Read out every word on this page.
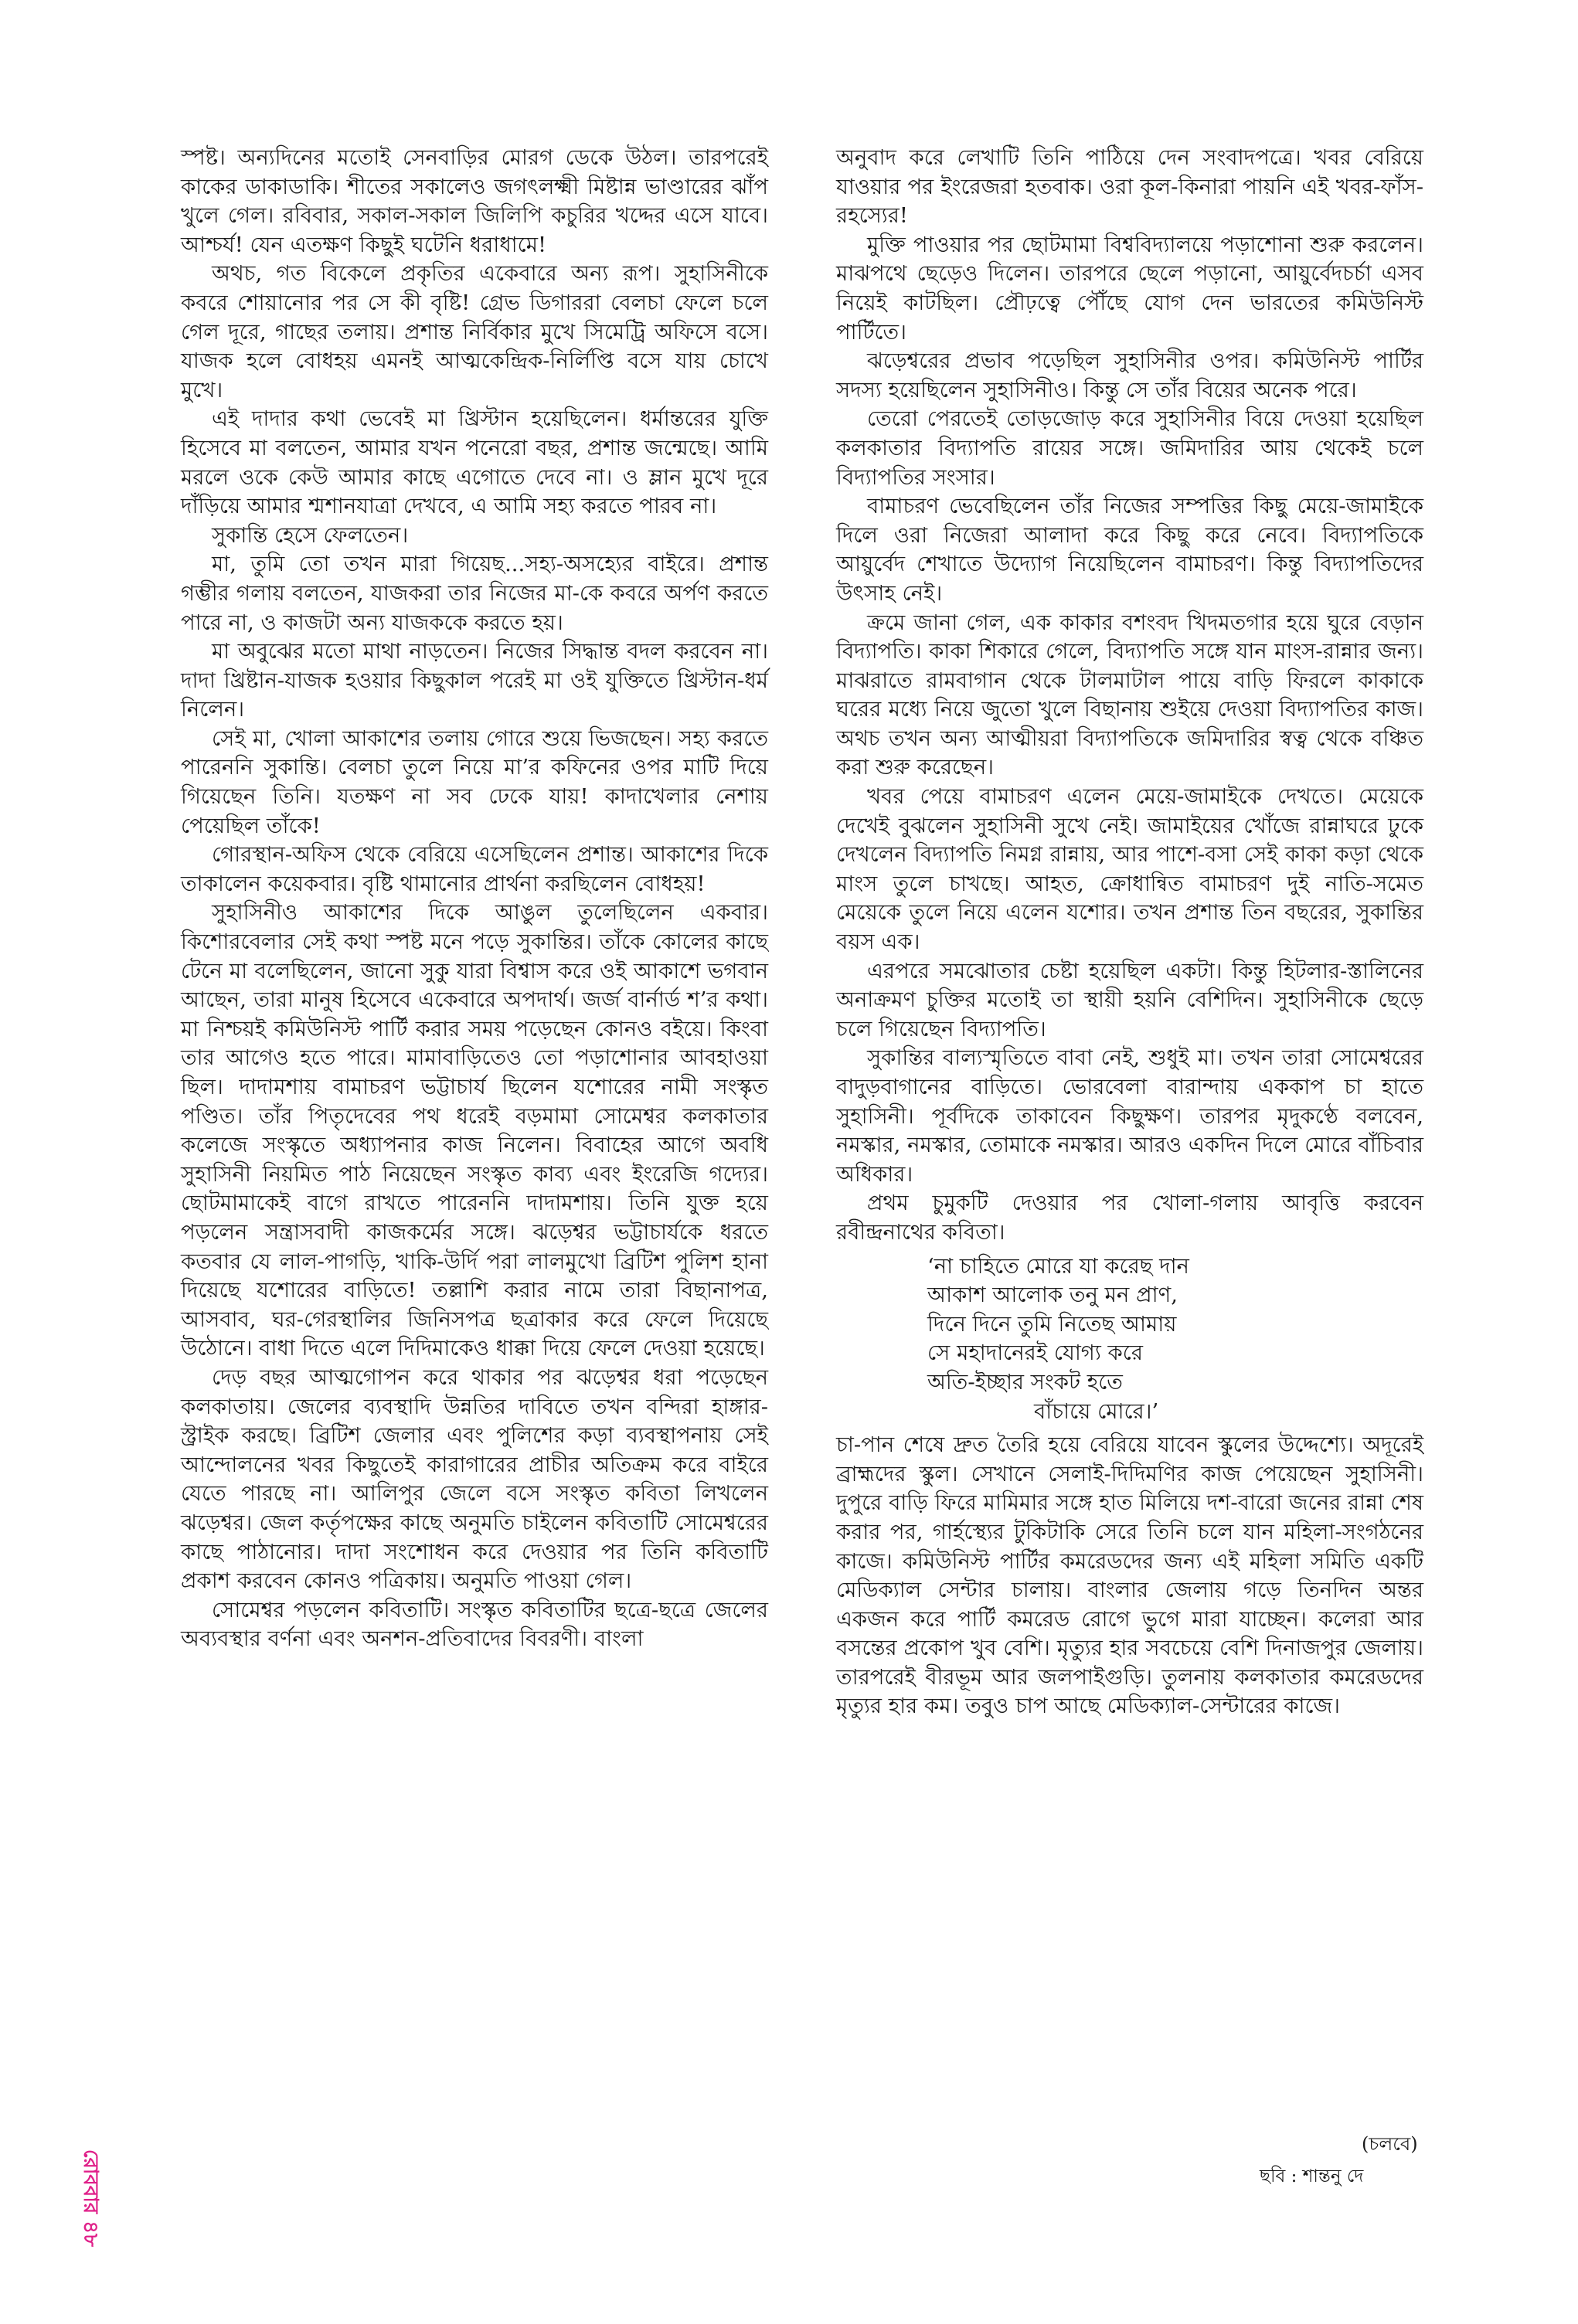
স্পষ্ট। অন্যদিনের মতোই সেনবাড়ির মোরগ ডেকে উঠল। তারপরেই কাকের ডাকাডাকি। শীতের সকালেও জগৎলক্ষ্মী মিষ্টান্ন ভাণ্ডারের ঝাঁপ খুলে গেল। রবিবার, সকাল-সকাল জিলিপি কচুরির খদ্দের এসে যাবে। আশ্চর্য! যেন এতক্ষণ কিছুই ঘটেনি ধরাধামে!

অথচ, গত বিকেলে প্রকৃতির একেবারে অন্য রূপ। সুহাসিনীকে কবরে শোয়ানোর পর সে কী বৃষ্টি! গ্রেভ ডিগাররা বেলচা ফেলে চলে গেল দূরে, গাছের তলায়। প্রশান্ত নির্বিকার মুখে সিমেট্রি অফিসে বসে। যাজক হলে বোধহয় এমনই আত্মকেন্দ্রিক-নির্লিপ্তি বসে যায় চোখে মুখে।

এই দাদার কথা ভেবেই মা খ্রিস্টান হয়েছিলেন। ধর্মান্তরের যুক্তি হিসেবে মা বলতেন, আমার যখন পনেরো বছর, প্রশান্ত জন্মেছে। আমি মরলে ওকে কেউ আমার কাছে এগোতে দেবে না। ও ম্লান মুখে দূরে দাঁড়িয়ে আমার শ্মশানযাত্রা দেখবে, এ আমি সহ্য করতে পারব না।

সুকান্তি হেসে ফেলতেন।

মা, তুমি তো তখন মারা গিয়েছ...সহ্য-অসহ্যের বাইরে। প্রশান্ত গম্ভীর গলায় বলতেন, যাজকরা তার নিজের মা-কে কবরে অর্পণ করতে পারে না, ও কাজটা অন্য যাজককে করতে হয়।

মা অবুঝের মতো মাথা নাড়তেন। নিজের সিদ্ধান্ত বদল করবেন না। দাদা খ্রিষ্টান-যাজক হওয়ার কিছুকাল পরেই মা ওই যুক্তিতে খ্রিস্টান-ধর্ম নিলেন।

সেই মা, খোলা আকাশের তলায় গোরে শুয়ে ভিজছেন। সহ্য করতে পারেননি সুকান্তি। বেলচা তুলে নিয়ে মা’র কফিনের ওপর মাটি দিয়ে গিয়েছেন তিনি। যতক্ষণ না সব ঢেকে যায়! কাদাখেলার নেশায় পেয়েছিল তাঁকে!

গোরস্থান-অফিস থেকে বেরিয়ে এসেছিলেন প্রশান্ত। আকাশের দিকে তাকালেন কয়েকবার। বৃষ্টি থামানোর প্রার্থনা করছিলেন বোধহয়!

সুহাসিনীও আকাশের দিকে আঙুল তুলেছিলেন একবার। কিশোরবেলার সেই কথা স্পষ্ট মনে পড়ে সুকান্তির। তাঁকে কোলের কাছে টেনে মা বলেছিলেন, জানো সুকু যারা বিশ্বাস করে ওই আকাশে ভগবান আছেন, তারা মানুষ হিসেবে একেবারে অপদার্থ। জর্জ বার্নার্ড শ’র কথা। মা নিশ্চয়ই কমিউনিস্ট পার্টি করার সময় পড়েছেন কোনও বইয়ে। কিংবা তার আগেও হতে পারে। মামাবাড়িতেও তো পড়াশোনার আবহাওয়া ছিল। দাদামশায় বামাচরণ ভট্টাচার্য ছিলেন যশোরের নামী সংস্কৃত পণ্ডিত। তাঁর পিতৃদেবের পথ ধরেই বড়মামা সোমেশ্বর কলকাতার কলেজে সংস্কৃতে অধ্যাপনার কাজ নিলেন। বিবাহের আগে অবধি সুহাসিনী নিয়মিত পাঠ নিয়েছেন সংস্কৃত কাব্য এবং ইংরেজি গদ্যের। ছোটমামাকেই বাগে রাখতে পারেননি দাদামশায়। তিনি যুক্ত হয়ে পড়লেন সন্ত্রাসবাদী কাজকর্মের সঙ্গে। ঝড়েশ্বর ভট্টাচার্যকে ধরতে কতবার যে লাল-পাগড়ি, খাকি-উর্দি পরা লালমুখো ব্রিটিশ পুলিশ হানা দিয়েছে যশোরের বাড়িতে! তল্লাশি করার নামে তারা বিছানাপত্র, আসবাব, ঘর-গেরস্থালির জিনিসপত্র ছত্রাকার করে ফেলে দিয়েছে উঠোনে। বাধা দিতে এলে দিদিমাকেও ধাক্কা দিয়ে ফেলে দেওয়া হয়েছে।

দেড় বছর আত্মগোপন করে থাকার পর ঝড়েশ্বর ধরা পড়েছেন কলকাতায়। জেলের ব্যবস্থাদি উন্নতির দাবিতে তখন বন্দিরা হাঙ্গার-স্ট্রাইক করছে। ব্রিটিশ জেলার এবং পুলিশের কড়া ব্যবস্থাপনায় সেই আন্দোলনের খবর কিছুতেই কারাগারের প্রাচীর অতিক্রম করে বাইরে যেতে পারছে না। আলিপুর জেলে বসে সংস্কৃত কবিতা লিখলেন ঝড়েশ্বর। জেল কর্তৃপক্ষের কাছে অনুমতি চাইলেন কবিতাটি সোমেশ্বরের কাছে পাঠানোর। দাদা সংশোধন করে দেওয়ার পর তিনি কবিতাটি প্রকাশ করবেন কোনও পত্রিকায়। অনুমতি পাওয়া গেল।

সোমেশ্বর পড়লেন কবিতাটি। সংস্কৃত কবিতাটির ছত্রে-ছত্রে জেলের অব্যবস্থার বর্ণনা এবং অনশন-প্রতিবাদের বিবরণী। বাংলা

অনুবাদ করে লেখাটি তিনি পাঠিয়ে দেন সংবাদপত্রে। খবর বেরিয়ে যাওয়ার পর ইংরেজরা হতবাক। ওরা কূল-কিনারা পায়নি এই খবর-ফাঁস-রহস্যের!

মুক্তি পাওয়ার পর ছোটমামা বিশ্ববিদ্যালয়ে পড়াশোনা শুরু করলেন। মাঝপথে ছেড়েও দিলেন। তারপরে ছেলে পড়ানো, আয়ুর্বেদচর্চা এসব নিয়েই কাটছিল। প্রৌঢ়ত্বে পৌঁছে যোগ দেন ভারতের কমিউনিস্ট পার্টিতে।

ঝড়েশ্বরের প্রভাব পড়েছিল সুহাসিনীর ওপর। কমিউনিস্ট পার্টির সদস্য হয়েছিলেন সুহাসিনীও। কিন্তু সে তাঁর বিয়ের অনেক পরে।

তেরো পেরতেই তোড়জোড় করে সুহাসিনীর বিয়ে দেওয়া হয়েছিল কলকাতার বিদ্যাপতি রায়ের সঙ্গে। জমিদারির আয় থেকেই চলে বিদ্যাপতির সংসার।

বামাচরণ ভেবেছিলেন তাঁর নিজের সম্পত্তির কিছু মেয়ে-জামাইকে দিলে ওরা নিজেরা আলাদা করে কিছু করে নেবে। বিদ্যাপতিকে আয়ুর্বেদ শেখাতে উদ্যোগ নিয়েছিলেন বামাচরণ। কিন্তু বিদ্যাপতিদের উৎসাহ নেই।

ক্রমে জানা গেল, এক কাকার বশংবদ খিদমতগার হয়ে ঘুরে বেড়ান বিদ্যাপতি। কাকা শিকারে গেলে, বিদ্যাপতি সঙ্গে যান মাংস-রান্নার জন্য। মাঝরাতে রামবাগান থেকে টালমাটাল পায়ে বাড়ি ফিরলে কাকাকে ঘরের মধ্যে নিয়ে জুতো খুলে বিছানায় শুইয়ে দেওয়া বিদ্যাপতির কাজ। অথচ তখন অন্য আত্মীয়রা বিদ্যাপতিকে জমিদারির স্বত্ব থেকে বঞ্চিত করা শুরু করেছেন।

খবর পেয়ে বামাচরণ এলেন মেয়ে-জামাইকে দেখতে। মেয়েকে দেখেই বুঝলেন সুহাসিনী সুখে নেই। জামাইয়ের খোঁজে রান্নাঘরে ঢুকে দেখলেন বিদ্যাপতি নিমগ্ন রান্নায়, আর পাশে-বসা সেই কাকা কড়া থেকে মাংস তুলে চাখছে। আহত, ক্রোধান্বিত বামাচরণ দুই নাতি-সমেত মেয়েকে তুলে নিয়ে এলেন যশোর। তখন প্রশান্ত তিন বছরের, সুকান্তির বয়স এক।

এরপরে সমঝোতার চেষ্টা হয়েছিল একটা। কিন্তু হিটলার-স্তালিনের অনাক্রমণ চুক্তির মতোই তা স্থায়ী হয়নি বেশিদিন। সুহাসিনীকে ছেড়ে চলে গিয়েছেন বিদ্যাপতি।

সুকান্তির বাল্যস্মৃতিতে বাবা নেই, শুধুই মা। তখন তারা সোমেশ্বরের বাদুড়বাগানের বাড়িতে। ভোরবেলা বারান্দায় এককাপ চা হাতে সুহাসিনী। পূর্বদিকে তাকাবেন কিছুক্ষণ। তারপর মৃদুকণ্ঠে বলবেন, নমস্কার, নমস্কার, তোমাকে নমস্কার। আরও একদিন দিলে মোরে বাঁচিবার অধিকার।

প্রথম চুমুকটি দেওয়ার পর খোলা-গলায় আবৃত্তি করবেন রবীন্দ্রনাথের কবিতা।

‘না চাহিতে মোরে যা করেছ দান
আকাশ আলোক তনু মন প্রাণ,
দিনে দিনে তুমি নিতেছ আমায়
সে মহাদানেরই যোগ্য করে
অতি-ইচ্ছার সংকট হতে
বাঁচায়ে মোরে।’

চা-পান শেষে দ্রুত তৈরি হয়ে বেরিয়ে যাবেন স্কুলের উদ্দেশ্যে। অদূরেই ব্রাহ্মদের স্কুল। সেখানে সেলাই-দিদিমণির কাজ পেয়েছেন সুহাসিনী। দুপুরে বাড়ি ফিরে মামিমার সঙ্গে হাত মিলিয়ে দশ-বারো জনের রান্না শেষ করার পর, গার্হস্থ্যের টুকিটাকি সেরে তিনি চলে যান মহিলা-সংগঠনের কাজে। কমিউনিস্ট পার্টির কমরেডদের জন্য এই মহিলা সমিতি একটি মেডিক্যাল সেন্টার চালায়। বাংলার জেলায় গড়ে তিনদিন অন্তর একজন করে পার্টি কমরেড রোগে ভুগে মারা যাচ্ছেন। কলেরা আর বসন্তের প্রকোপ খুব বেশি। মৃত্যুর হার সবচেয়ে বেশি দিনাজপুর জেলায়। তারপরেই বীরভূম আর জলপাইগুড়ি। তুলনায় কলকাতার কমরেডদের মৃত্যুর হার কম। তবুও চাপ আছে মেডিক্যাল-সেন্টারের কাজে।

(চলবে)
ছবি : শান্তনু দে
রোববার ৪৮
